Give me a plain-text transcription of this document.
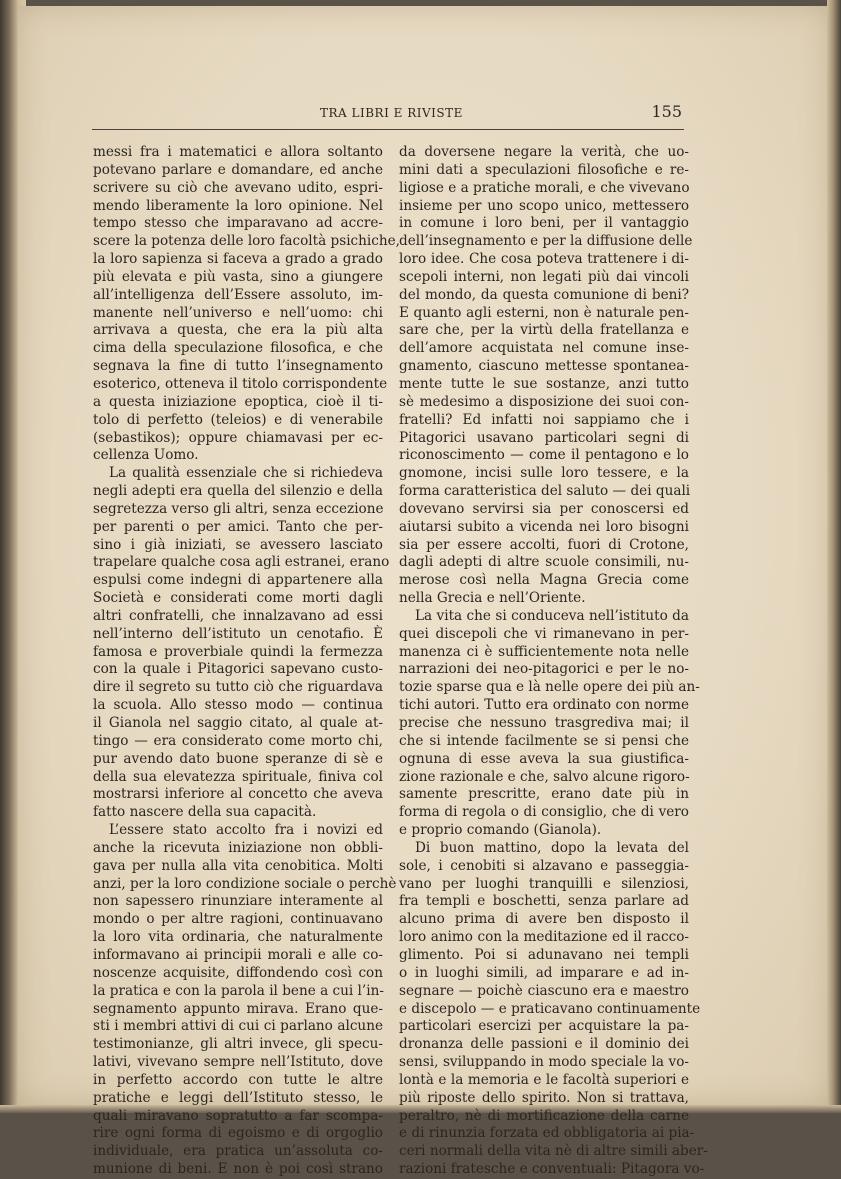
TRA LIBRI E RIVISTE	155
messi fra i matematici e allora soltanto
potevano parlare e domandare, ed anche
scrivere su ciò che avevano udito, espri-
mendo liberamente la loro opinione. Nel
tempo stesso che imparavano ad accre-
scere la potenza delle loro facoltà psichiche,
la loro sapienza si faceva a grado a grado
più elevata e più vasta, sino a giungere
all’intelligenza dell’Essere assoluto, im-
manente nell’universo e nell’uomo: chi
arrivava a questa, che era la più alta
cima della speculazione filosofica, e che
segnava la fine di tutto l’insegnamento
esoterico, otteneva il titolo corrispondente
a questa iniziazione epoptica, cioè il ti-
tolo di perfetto (teleios) e di venerabile
(sebastikos); oppure chiamavasi per ec-
cellenza Uomo.
La qualità essenziale che si richiedeva
negli adepti era quella del silenzio e della
segretezza verso gli altri, senza eccezione
per parenti o per amici. Tanto che per-
sino i già iniziati, se avessero lasciato
trapelare qualche cosa agli estranei, erano
espulsi come indegni di appartenere alla
Società e considerati come morti dagli
altri confratelli, che innalzavano ad essi
nell’interno dell’istituto un cenotafio. È
famosa e proverbiale quindi la fermezza
con la quale i Pitagorici sapevano custo-
dire il segreto su tutto ciò che riguardava
la scuola. Allo stesso modo — continua
il Gianola nel saggio citato, al quale at-
tingo — era considerato come morto chi,
pur avendo dato buone speranze di sè e
della sua elevatezza spirituale, finiva col
mostrarsi inferiore al concetto che aveva
fatto nascere della sua capacità.
L’essere stato accolto fra i novizi ed
anche la ricevuta iniziazione non obbli-
gava per nulla alla vita cenobitica. Molti
anzi, per la loro condizione sociale o perchè
non sapessero rinunziare interamente al
mondo o per altre ragioni, continuavano
la loro vita ordinaria, che naturalmente
informavano ai principii morali e alle co-
noscenze acquisite, diffondendo così con
la pratica e con la parola il bene a cui l’in-
segnamento appunto mirava. Erano que-
sti i membri attivi di cui ci parlano alcune
testimonianze, gli altri invece, gli specu-
lativi, vivevano sempre nell’Istituto, dove
in perfetto accordo con tutte le altre
pratiche e leggi dell’Istituto stesso, le
quali miravano sopratutto a far scompa-
rire ogni forma di egoismo e di orgoglio
individuale, era pratica un’assoluta co-
munione di beni. E non è poi così strano
da doversene negare la verità, che uo-
mini dati a speculazioni filosofiche e re-
ligiose e a pratiche morali, e che vivevano
insieme per uno scopo unico, mettessero
in comune i loro beni, per il vantaggio
dell’insegnamento e per la diffusione delle
loro idee. Che cosa poteva trattenere i di-
scepoli interni, non legati più dai vincoli
del mondo, da questa comunione di beni?
E quanto agli esterni, non è naturale pen-
sare che, per la virtù della fratellanza e
dell’amore acquistata nel comune inse-
gnamento, ciascuno mettesse spontanea-
mente tutte le sue sostanze, anzi tutto
sè medesimo a disposizione dei suoi con-
fratelli? Ed infatti noi sappiamo che i
Pitagorici usavano particolari segni di
riconoscimento — come il pentagono e lo
gnomone, incisi sulle loro tessere, e la
forma caratteristica del saluto — dei quali
dovevano servirsi sia per conoscersi ed
aiutarsi subito a vicenda nei loro bisogni
sia per essere accolti, fuori di Crotone,
dagli adepti di altre scuole consimili, nu-
merose così nella Magna Grecia come
nella Grecia e nell’Oriente.
La vita che si conduceva nell’istituto da
quei discepoli che vi rimanevano in per-
manenza ci è sufficientemente nota nelle
narrazioni dei neo-pitagorici e per le no-
tozie sparse qua e là nelle opere dei più an-
tichi autori. Tutto era ordinato con norme
precise che nessuno trasgrediva mai; il
che si intende facilmente se si pensi che
ognuna di esse aveva la sua giustifica-
zione razionale e che, salvo alcune rigoro-
samente prescritte, erano date più in
forma di regola o di consiglio, che di vero
e proprio comando (Gianola).
Di buon mattino, dopo la levata del
sole, i cenobiti si alzavano e passeggia-
vano per luoghi tranquilli e silenziosi,
fra templi e boschetti, senza parlare ad
alcuno prima di avere ben disposto il
loro animo con la meditazione ed il racco-
glimento. Poi si adunavano nei templi
o in luoghi simili, ad imparare e ad in-
segnare — poichè ciascuno era e maestro
e discepolo — e praticavano continuamente
particolari esercizi per acquistare la pa-
dronanza delle passioni e il dominio dei
sensi, sviluppando in modo speciale la vo-
lontà e la memoria e le facoltà superiori e
più riposte dello spirito. Non si trattava,
peraltro, nè di mortificazione della carne
e di rinunzia forzata ed obbligatoria ai pia-
ceri normali della vita nè di altre simili aber-
razioni fratesche e conventuali: Pitagora vo-
